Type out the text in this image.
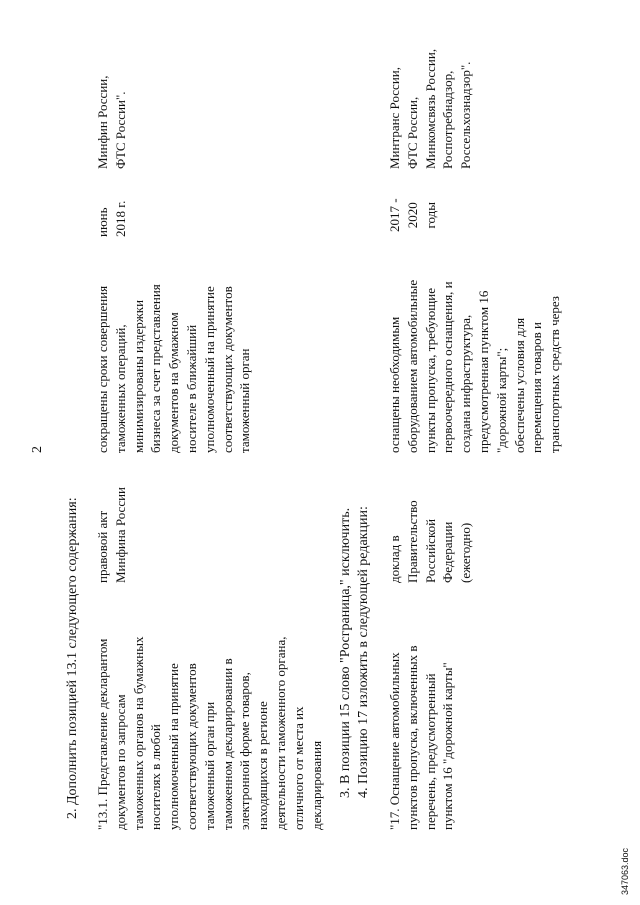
2
2. Дополнить позицией 13.1 следующего содержания: "13.1. Представление декларантом документов по запросам таможенных органов на бумажных носителях в любой уполномоченный на принятие соответствующих документов таможенный орган при таможенном декларировании в электронной форме товаров, находящихся в регионе деятельности таможенного органа, отличного от места их декларирования
правовой акт Минфина России
сокращены сроки совершения таможенных операций, минимизированы издержки бизнеса за счет представления документов на бумажном носителе в ближайший уполномоченный на принятие соответствующих документов таможенный орган
июнь 2018 г.
Минфин России, ФТС России".
3. В позиции 15 слово "Росграница," исключить. 4. Позицию 17 изложить в следующей редакции: "17. Оснащение автомобильных пунктов пропуска, включенных в перечень, предусмотренный пунктом 16 "дорожной карты"
доклад в Правительство Российской Федерации (ежегодно)
оснащены необходимым оборудованием автомобильные пункты пропуска, требующие первоочередного оснащения, и создана инфраструктура, предусмотренная пунктом 16 "дорожной карты"; обеспечены условия для перемещения товаров и транспортных средств через
2017 - 2020 годы
Минтранс России, ФТС России, Минкомсвязь России, Роспотребнадзор, Россельхознадзор".
347063.doc
